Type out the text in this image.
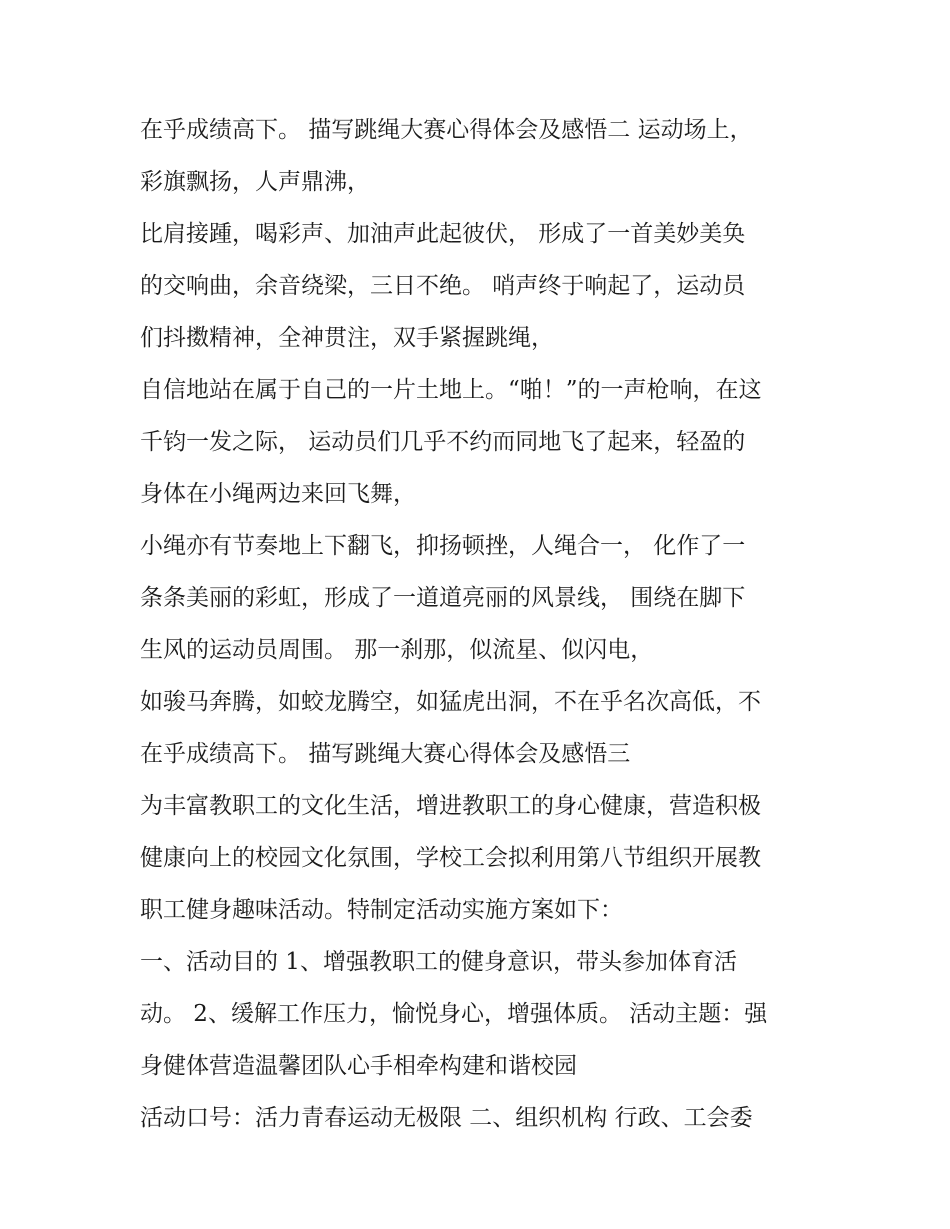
在乎成绩高下。 描写跳绳大赛心得体会及感悟二 运动场上，
彩旗飘扬，人声鼎沸，
比肩接踵，喝彩声、加油声此起彼伏， 形成了一首美妙美奂
的交响曲，余音绕梁，三日不绝。 哨声终于响起了，运动员
们抖擞精神，全神贯注，双手紧握跳绳，
自信地站在属于自己的一片土地上。“啪！”的一声枪响，在这
千钧一发之际， 运动员们几乎不约而同地飞了起来，轻盈的
身体在小绳两边来回飞舞，
小绳亦有节奏地上下翻飞，抑扬顿挫，人绳合一， 化作了一
条条美丽的彩虹，形成了一道道亮丽的风景线， 围绕在脚下
生风的运动员周围。 那一刹那，似流星、似闪电，
如骏马奔腾，如蛟龙腾空，如猛虎出洞，不在乎名次高低，不
在乎成绩高下。 描写跳绳大赛心得体会及感悟三
为丰富教职工的文化生活，增进教职工的身心健康，营造积极
健康向上的校园文化氛围，学校工会拟利用第八节组织开展教
职工健身趣味活动。特制定活动实施方案如下：
一、活动目的 1、增强教职工的健身意识，带头参加体育活
动。 2、缓解工作压力，愉悦身心，增强体质。 活动主题：强
身健体营造温馨团队心手相牵构建和谐校园
活动口号：活力青春运动无极限 二、组织机构 行政、工会委
